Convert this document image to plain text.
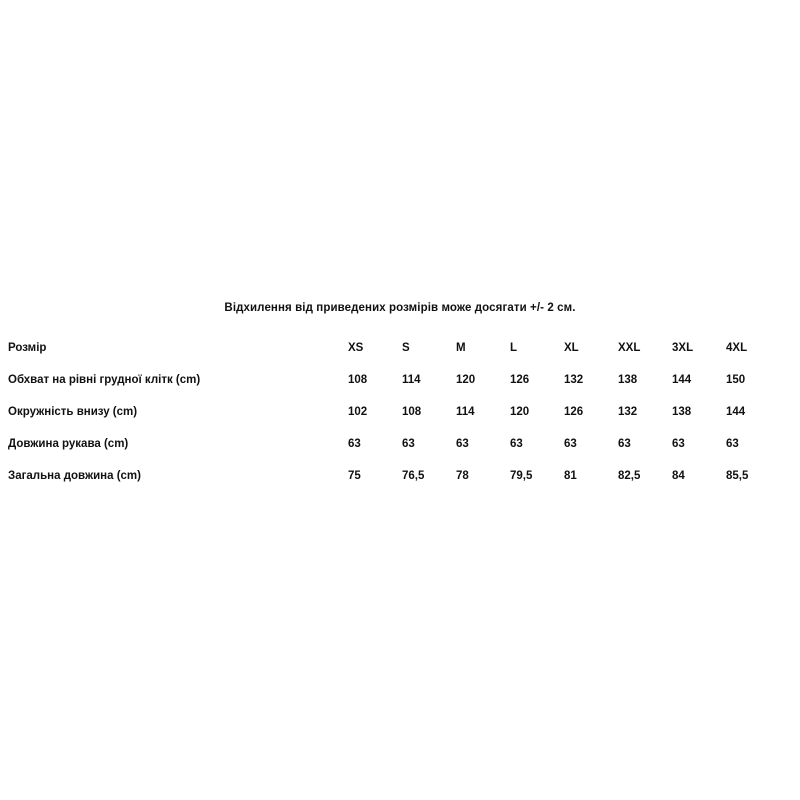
Відхилення від приведених розмірів може досягати +/- 2 см.
Розмір	XS	S	M	L	XL	XXL	3XL	4XL
Обхват на рівні грудної клітк (cm)	108	114	120	126	132	138	144	150
Окружність внизу (cm)	102	108	114	120	126	132	138	144
Довжина рукава (cm)	63	63	63	63	63	63	63	63
Загальна довжина (cm)	75	76,5	78	79,5	81	82,5	84	85,5
